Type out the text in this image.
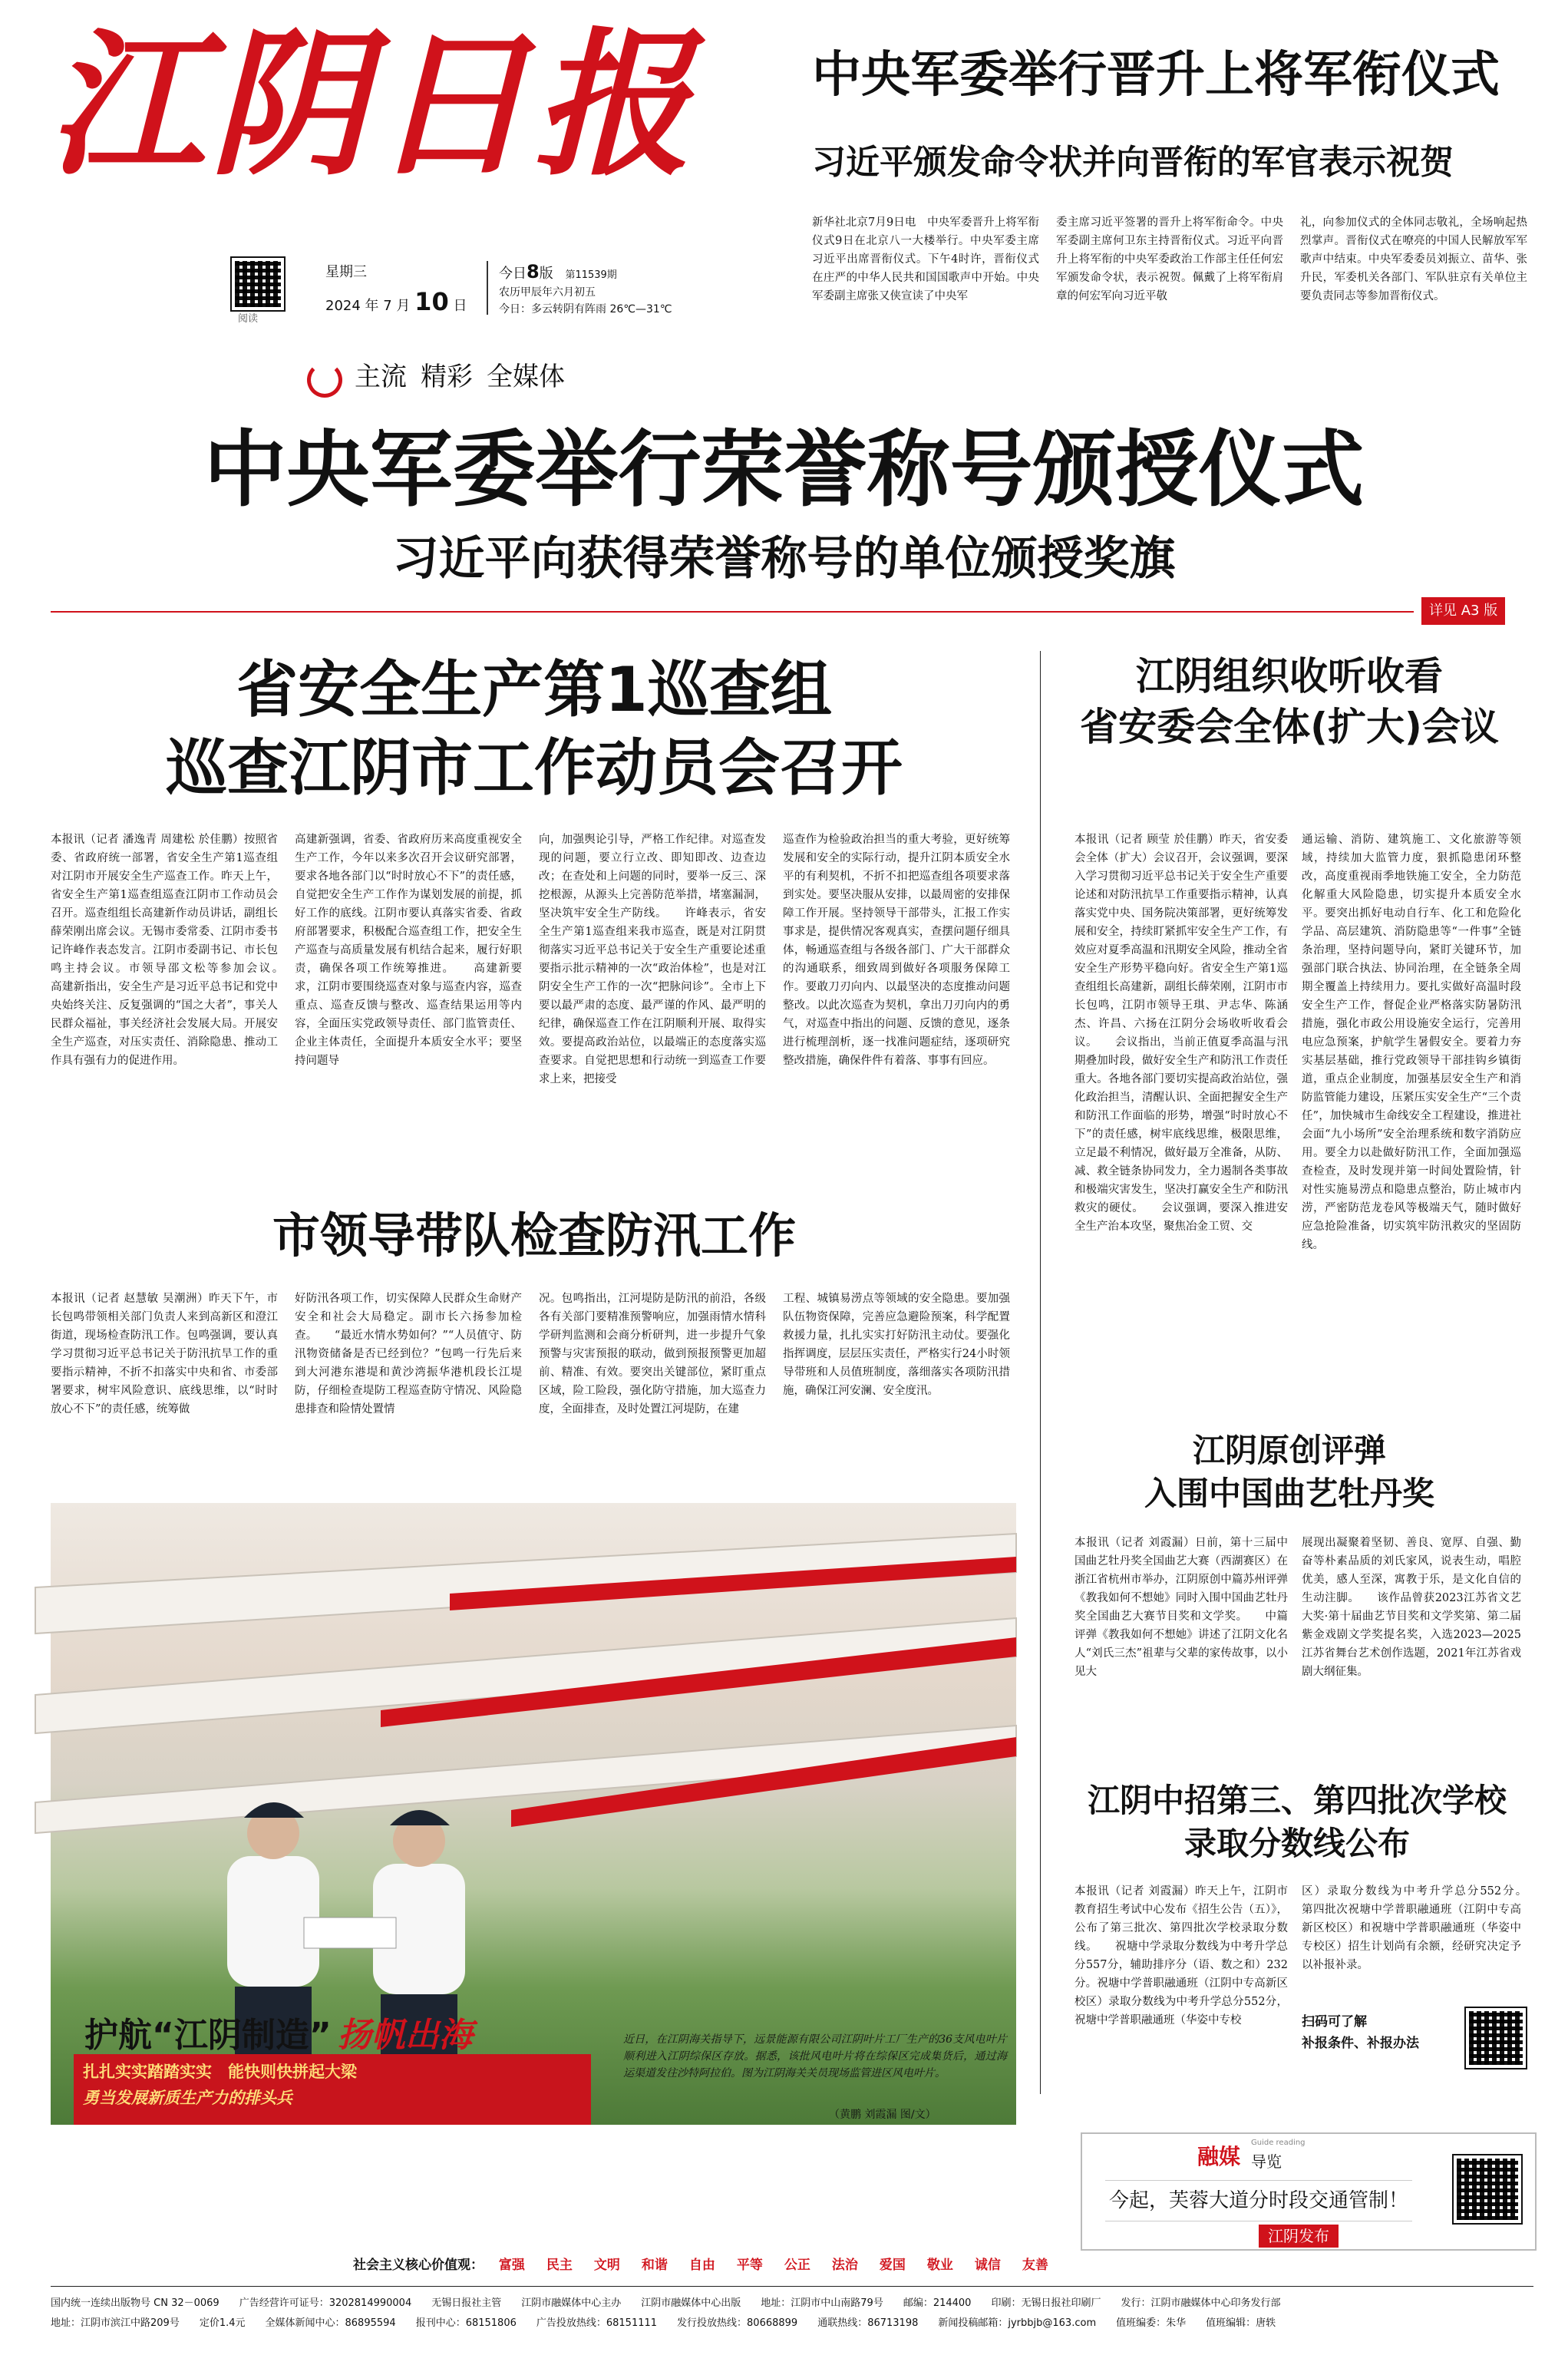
江阴日报
阅读
星期三
2024 年 7 月 10 日
今日8版 第11539期
农历甲辰年六月初五
今日：多云转阴有阵雨 26℃—31℃
中央军委举行晋升上将军衔仪式
习近平颁发命令状并向晋衔的军官表示祝贺
新华社北京7月9日电　中央军委晋升上将军衔仪式9日在北京八一大楼举行。中央军委主席习近平出席晋衔仪式。下午4时许，晋衔仪式在庄严的中华人民共和国国歌声中开始。中央军委副主席张又侠宣读了中央军
委主席习近平签署的晋升上将军衔命令。中央军委副主席何卫东主持晋衔仪式。习近平向晋升上将军衔的中央军委政治工作部主任任何宏军颁发命令状，表示祝贺。佩戴了上将军衔肩章的何宏军向习近平敬
礼，向参加仪式的全体同志敬礼，全场响起热烈掌声。晋衔仪式在嘹亮的中国人民解放军军歌声中结束。中央军委委员刘振立、苗华、张升民，军委机关各部门、军队驻京有关单位主要负责同志等参加晋衔仪式。
主流 精彩 全媒体
中央军委举行荣誉称号颁授仪式
习近平向获得荣誉称号的单位颁授奖旗
详见 A3 版
省安全生产第1巡查组
巡查江阴市工作动员会召开
本报讯（记者 潘逸青 周建松 於佳鹏）按照省委、省政府统一部署，省安全生产第1巡查组对江阴市开展安全生产巡查工作。昨天上午，省安全生产第1巡查组巡查江阴市工作动员会召开。巡查组组长高建新作动员讲话，副组长薛荣刚出席会议。无锡市委常委、江阴市委书记许峰作表态发言。江阴市委副书记、市长包鸣主持会议。市领导邵文松等参加会议。　　高建新指出，安全生产是习近平总书记和党中央始终关注、反复强调的“国之大者”，事关人民群众福祉，事关经济社会发展大局。开展安全生产巡查，对压实责任、消除隐患、推动工作具有强有力的促进作用。
高建新强调，省委、省政府历来高度重视安全生产工作，今年以来多次召开会议研究部署，要求各地各部门以“时时放心不下”的责任感，自觉把安全生产工作作为谋划发展的前提，抓好工作的底线。江阴市要认真落实省委、省政府部署要求，积极配合巡查组工作，把安全生产巡查与高质量发展有机结合起来，履行好职责，确保各项工作统筹推进。　　高建新要求，江阴市要围绕巡查对象与巡查内容，巡查重点、巡查反馈与整改、巡查结果运用等内容，全面压实党政领导责任、部门监管责任、企业主体责任，全面提升本质安全水平；要坚持问题导
向，加强舆论引导，严格工作纪律。对巡查发现的问题，要立行立改、即知即改、边查边改；在查处和上问题的同时，要举一反三、深挖根源，从源头上完善防范举措，堵塞漏洞，坚决筑牢安全生产防线。　　许峰表示，省安全生产第1巡查组来我市巡查，既是对江阴贯彻落实习近平总书记关于安全生产重要论述重要指示批示精神的一次“政治体检”，也是对江阴安全生产工作的一次“把脉问诊”。全市上下要以最严肃的态度、最严谨的作风、最严明的纪律，确保巡查工作在江阴顺利开展、取得实效。要提高政治站位，以最端正的态度落实巡查要求。自觉把思想和行动统一到巡查工作要求上来，把接受
巡查作为检验政治担当的重大考验，更好统筹发展和安全的实际行动，提升江阴本质安全水平的有利契机，不折不扣把巡查组各项要求落到实处。要坚决服从安排，以最周密的安排保障工作开展。坚持领导干部带头，汇报工作实事求是，提供情况客观真实，查摆问题仔细具体，畅通巡查组与各级各部门、广大干部群众的沟通联系，细致周到做好各项服务保障工作。要敢刀刃向内、以最坚决的态度推动问题整改。以此次巡查为契机，拿出刀刃向内的勇气，对巡查中指出的问题、反馈的意见，逐条进行梳理剖析，逐一找准问题症结，逐项研究整改措施，确保件件有着落、事事有回应。
市领导带队检查防汛工作
本报讯（记者 赵慧敏 吴潮洲）昨天下午，市长包鸣带领相关部门负责人来到高新区和澄江街道，现场检查防汛工作。包鸣强调，要认真学习贯彻习近平总书记关于防汛抗旱工作的重要指示精神，不折不扣落实中央和省、市委部署要求，树牢风险意识、底线思维，以“时时放心不下”的责任感，统筹做
好防汛各项工作，切实保障人民群众生命财产安全和社会大局稳定。副市长六扬参加检查。　　“最近水情水势如何？”“人员值守、防汛物资储备是否已经到位？”包鸣一行先后来到大河港东港堤和黄沙湾振华港机段长江堤防，仔细检查堤防工程巡查防守情况、风险隐患排查和险情处置情
况。包鸣指出，江河堤防是防汛的前沿，各级各有关部门要精准预警响应，加强雨情水情科学研判监测和会商分析研判，进一步提升气象预警与灾害预报的联动，做到预报预警更加超前、精准、有效。要突出关键部位，紧盯重点区域，险工险段，强化防守措施，加大巡查力度，全面排查，及时处置江河堤防，在建
工程、城镇易涝点等领域的安全隐患。要加强队伍物资保障，完善应急避险预案，科学配置救援力量，扎扎实实打好防汛主动仗。要强化指挥调度，层层压实责任，严格实行24小时领导带班和人员值班制度，落细落实各项防汛措施，确保江河安澜、安全度汛。
江阴组织收听收看
省安委会全体(扩大)会议
本报讯（记者 顾莹 於佳鹏）昨天，省安委会全体（扩大）会议召开，会议强调，要深入学习贯彻习近平总书记关于安全生产重要论述和对防汛抗旱工作重要指示精神，认真落实党中央、国务院决策部署，更好统筹发展和安全，持续盯紧抓牢安全生产工作，有效应对夏季高温和汛期安全风险，推动全省安全生产形势平稳向好。省安全生产第1巡查组组长高建新，副组长薛荣刚，江阴市市长包鸣，江阴市领导王琪、尹志华、陈涵杰、许昌、六扬在江阴分会场收听收看会议。　　会议指出，当前正值夏季高温与汛期叠加时段，做好安全生产和防汛工作责任重大。各地各部门要切实提高政治站位，强化政治担当，清醒认识、全面把握安全生产和防汛工作面临的形势，增强“时时放心不下”的责任感，树牢底线思维，极限思维，立足最不利情况，做好最万全准备，从防、减、救全链条协同发力，全力遏制各类事故和极端灾害发生，坚决打赢安全生产和防汛救灾的硬仗。　　会议强调，要深入推进安全生产治本攻坚，聚焦冶金工贸、交
通运输、消防、建筑施工、文化旅游等领域，持续加大监管力度，狠抓隐患闭环整改，高度重视雨季地铁施工安全，全力防范化解重大风险隐患，切实提升本质安全水平。要突出抓好电动自行车、化工和危险化学品、高层建筑、消防隐患等“一件事”全链条治理，坚持问题导向，紧盯关键环节，加强部门联合执法、协同治理，在全链条全周期全覆盖上持续用力。要扎实做好高温时段安全生产工作，督促企业严格落实防暑防汛措施，强化市政公用设施安全运行，完善用电应急预案，护航学生暑假安全。要着力夯实基层基础，推行党政领导干部挂钩乡镇街道，重点企业制度，加强基层安全生产和消防监管能力建设，压紧压实安全生产“三个责任”，加快城市生命线安全工程建设，推进社会面“九小场所”安全治理系统和数字消防应用。要全力以赴做好防汛工作，全面加强巡查检查，及时发现并第一时间处置险情，针对性实施易涝点和隐患点整治，防止城市内涝，严密防范龙卷风等极端天气，随时做好应急抢险准备，切实筑牢防汛救灾的坚固防线。
江阴原创评弹
入围中国曲艺牡丹奖
本报讯（记者 刘霞漏）日前，第十三届中国曲艺牡丹奖全国曲艺大赛（西湖赛区）在浙江省杭州市举办，江阴原创中篇苏州评弹《教我如何不想她》同时入围中国曲艺牡丹奖全国曲艺大赛节目奖和文学奖。　　中篇评弹《教我如何不想她》讲述了江阴文化名人“刘氏三杰”祖辈与父辈的家传故事，以小见大
展现出凝聚着坚韧、善良、宽厚、自强、勤奋等朴素品质的刘氏家风，说表生动，唱腔优美，感人至深，寓教于乐，是文化自信的生动注脚。　　该作品曾获2023江苏省文艺大奖·第十届曲艺节目奖和文学奖第、第二届紫金戏剧文学奖提名奖，入选2023—2025江苏省舞台艺术创作选题，2021年江苏省戏剧大纲征集。
江阴中招第三、第四批次学校
录取分数线公布
本报讯（记者 刘霞漏）昨天上午，江阴市教育招生考试中心发布《招生公告（五）》，公布了第三批次、第四批次学校录取分数线。　　祝塘中学录取分数线为中考升学总分557分，辅助排序分（语、数之和）232分。祝塘中学普职融通班（江阴中专高新区校区）录取分数线为中考升学总分552分，祝塘中学普职融通班（华姿中专校
区）录取分数线为中考升学总分552分。　　第四批次祝塘中学普职融通班（江阴中专高新区校区）和祝塘中学普职融通班（华姿中专校区）招生计划尚有余额，经研究决定予以补报补录。
扫码可了解
补报条件、补报办法
扎扎实实踏踏实实　能快则快拼起大梁
勇当发展新质生产力的排头兵
护航“江阴制造” 扬帆出海	近日，在江阴海关指导下，远景能源有限公司江阴叶片工厂生产的36支风电叶片顺利进入江阴综保区存放。据悉，该批风电叶片将在综保区完成集货后，通过海运渠道发往沙特阿拉伯。图为江阴海关关员现场监管进区风电叶片。
（黄鹏 刘霞漏 图/文）
融媒
Guide reading
导览
今起，芙蓉大道分时段交通管制！
江阴发布
社会主义核心价值观： 富强 民主 文明 和谐 自由 平等 公正 法治 爱国 敬业 诚信 友善
国内统一连续出版物号 CN 32－0069 广告经营许可证号：3202814990004 无锡日报社主管 江阴市融媒体中心主办 江阴市融媒体中心出版 地址：江阴市中山南路79号 邮编：214400 印刷：无锡日报社印刷厂 发行：江阴市融媒体中心印务发行部
地址：江阴市滨江中路209号 定价1.4元 全媒体新闻中心：86895594 报刊中心：68151806 广告投放热线：68151111 发行投放热线：80668899 通联热线：86713198 新闻投稿邮箱：jyrbbjb@163.com 值班编委：朱华 值班编辑：唐轶
